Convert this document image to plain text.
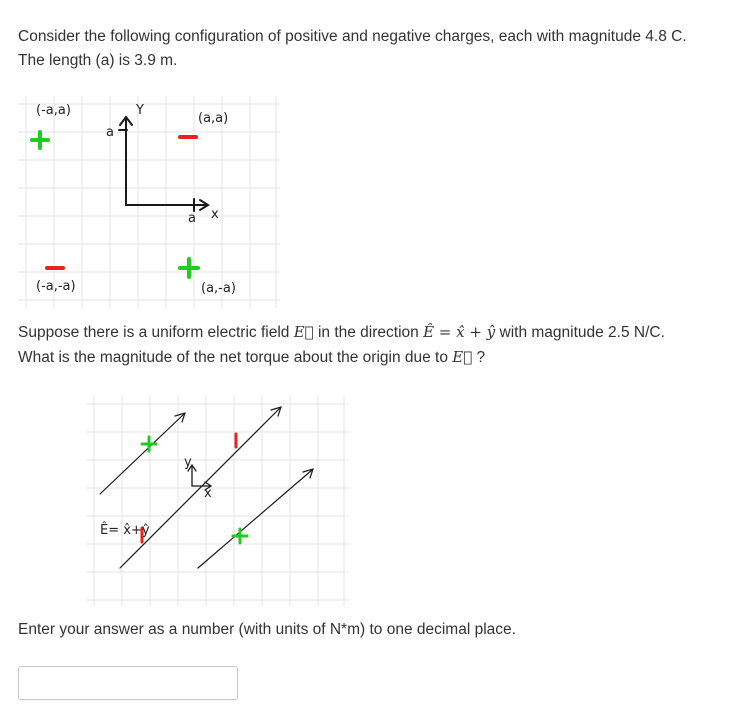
Consider the following configuration of positive and negative charges, each with magnitude 4.8 C.
The length (a) is 3.9 m.

Y
x
a
a
(-a,a)
(a,a)
(-a,-a)	(a,-a)

Suppose there is a uniform electric field E⃗ in the direction Ê = x̂ + ŷ with magnitude 2.5 N/C.
What is the magnitude of the net torque about the origin due to E⃗ ?

y
x
Ê= x̂+ŷ

Enter your answer as a number (with units of N*m) to one decimal place.
